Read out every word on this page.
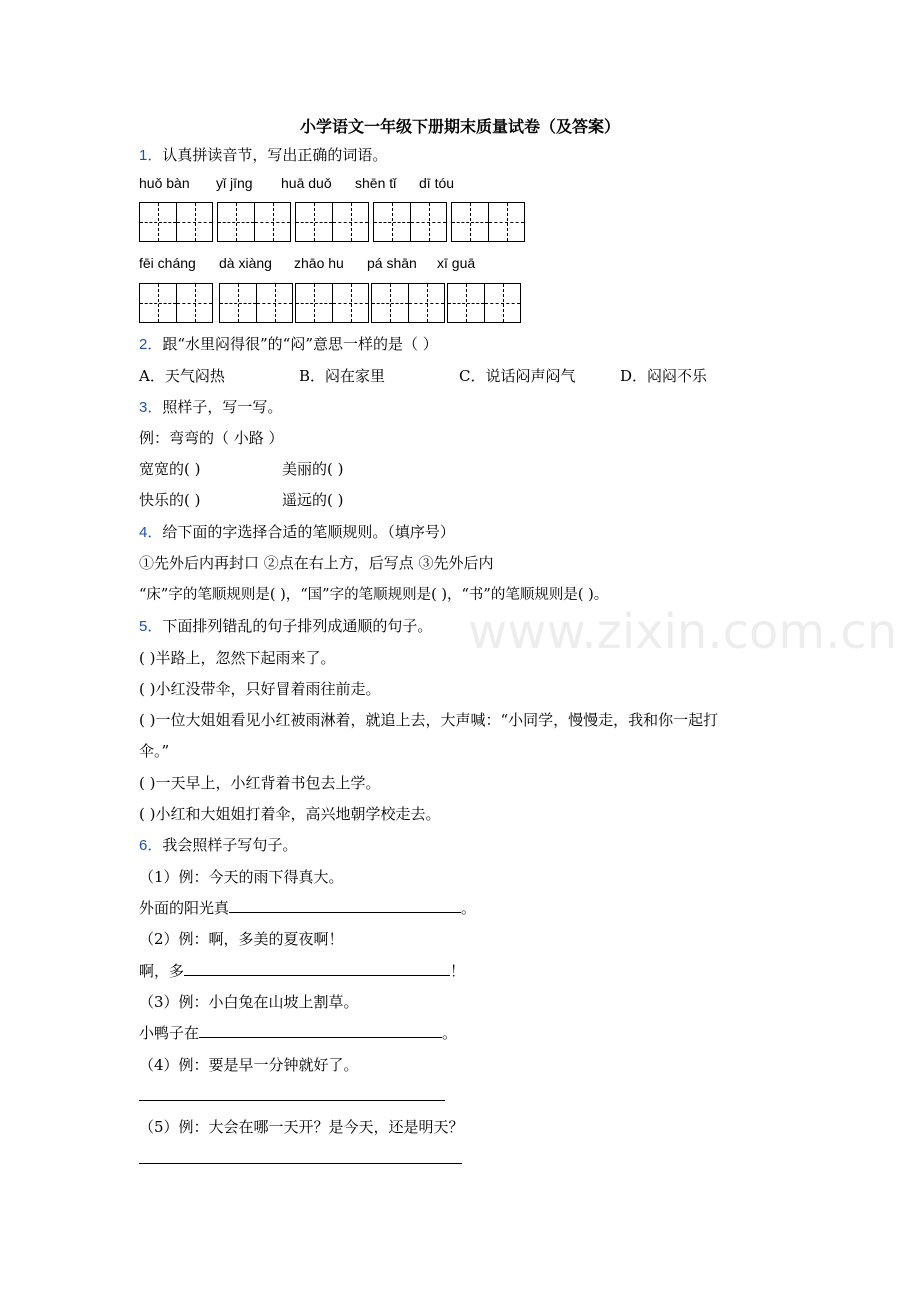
www.zixin.com.cn
小学语文一年级下册期末质量试卷（及答案）
1．认真拼读音节，写出正确的词语。
huǒ bàn yǐ jīng huā duǒ shēn tǐ dī tóu
fēi cháng dà xiàng zhāo hu pá shān xī guā
2．跟“水里闷得很”的“闷”意思一样的是（ ）
A．天气闷热	B．闷在家里	C．说话闷声闷气	D．闷闷不乐
3．照样子，写一写。
例：弯弯的（ 小路 ）
宽宽的( )	美丽的( )
快乐的( )	遥远的( )
4．给下面的字选择合适的笔顺规则。（填序号）
①先外后内再封口 ②点在右上方，后写点 ③先外后内
“床”字的笔顺规则是( )，“国”字的笔顺规则是( )，“书”的笔顺规则是( )。
5．下面排列错乱的句子排列成通顺的句子。
( )半路上，忽然下起雨来了。
( )小红没带伞，只好冒着雨往前走。
( )一位大姐姐看见小红被雨淋着，就追上去，大声喊：“小同学，慢慢走，我和你一起打
伞。”
( )一天早上，小红背着书包去上学。
( )小红和大姐姐打着伞，高兴地朝学校走去。
6．我会照样子写句子。
（1）例：今天的雨下得真大。
外面的阳光真	。
（2）例：啊，多美的夏夜啊！
啊，多	！
（3）例：小白兔在山坡上割草。
小鸭子在	。
（4）例：要是早一分钟就好了。
（5）例：大会在哪一天开？是今天，还是明天？
